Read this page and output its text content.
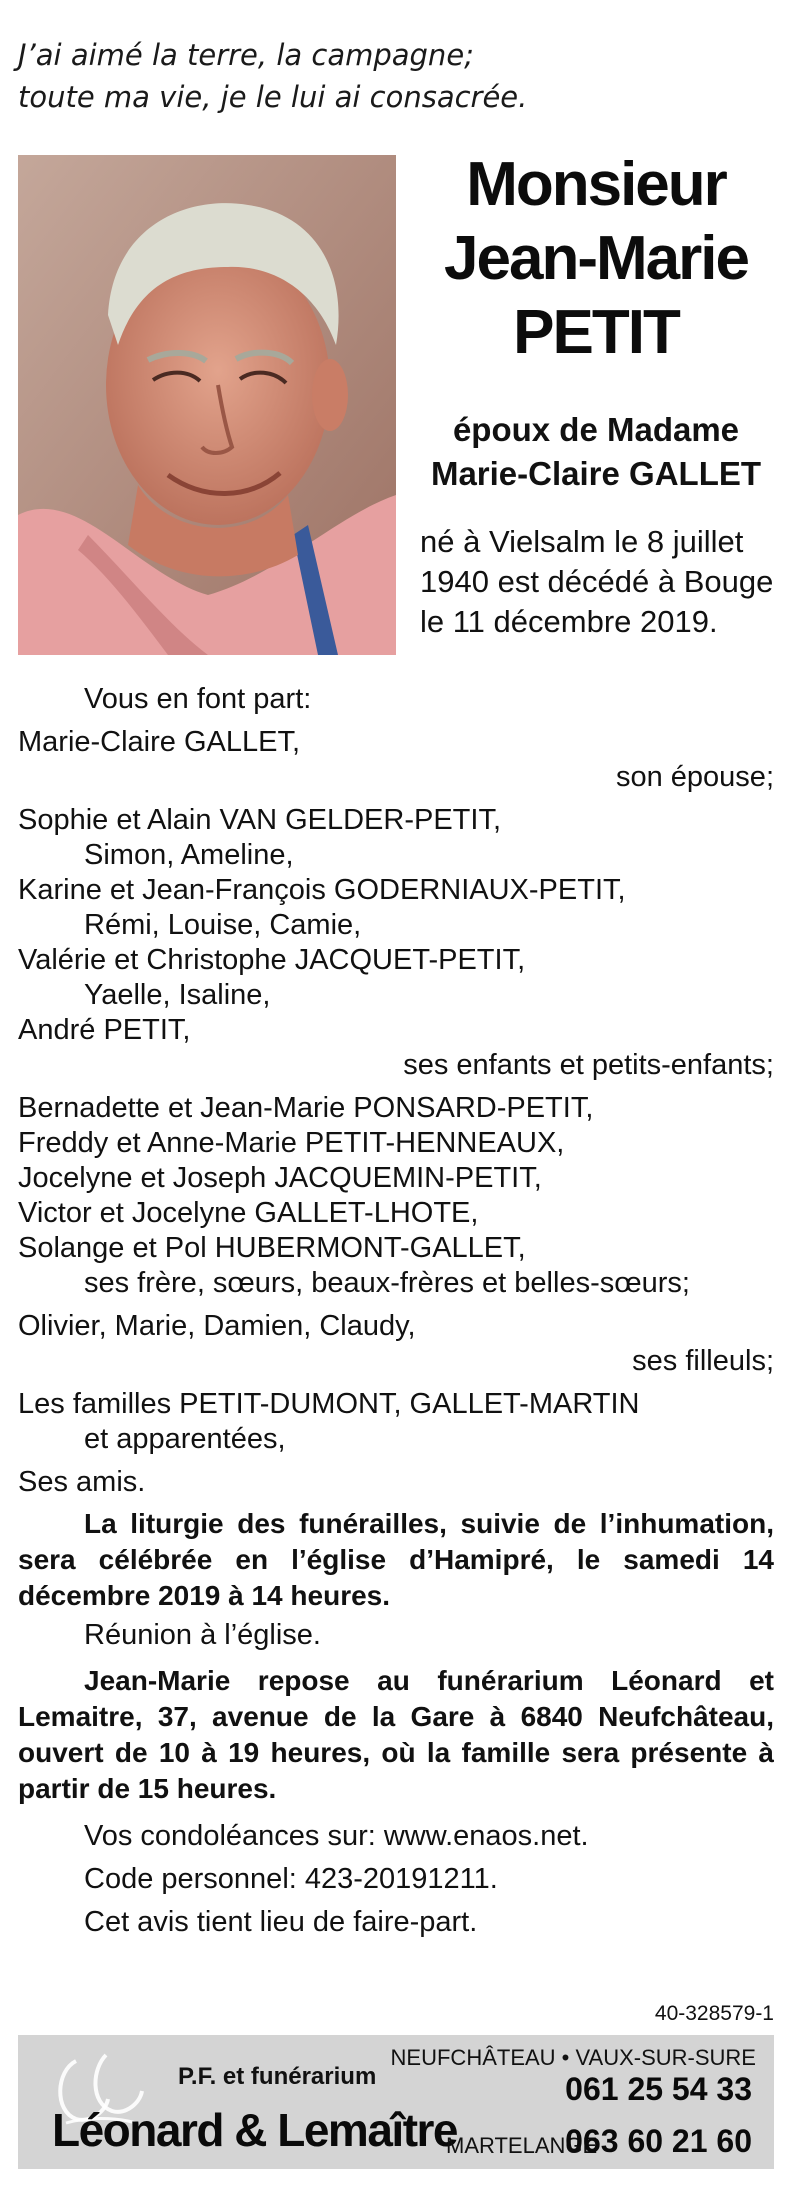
J’ai aimé la terre, la campagne;
toute ma vie, je le lui ai consacrée.
Monsieur
Jean-Marie
PETIT
époux de Madame
Marie-Claire GALLET
né à Vielsalm le 8 juillet
1940 est décédé à Bouge
le 11 décembre 2019.
Vous en font part:
Marie-Claire GALLET,
son épouse;
Sophie et Alain VAN GELDER-PETIT,
Simon, Ameline,
Karine et Jean-François GODERNIAUX-PETIT,
Rémi, Louise, Camie,
Valérie et Christophe JACQUET-PETIT,
Yaelle, Isaline,
André PETIT,
ses enfants et petits-enfants;
Bernadette et Jean-Marie PONSARD-PETIT,
Freddy et Anne-Marie PETIT-HENNEAUX,
Jocelyne et Joseph JACQUEMIN-PETIT,
Victor et Jocelyne GALLET-LHOTE,
Solange et Pol HUBERMONT-GALLET,
ses frère, sœurs, beaux-frères et belles-sœurs;
Olivier, Marie, Damien, Claudy,
ses filleuls;
Les familles PETIT-DUMONT, GALLET-MARTIN
et apparentées,
Ses amis.
La liturgie des funérailles, suivie de l’inhumation, sera célébrée en l’église d’Hamipré, le samedi 14 décembre 2019 à 14 heures.
Réunion à l’église.
Jean-Marie repose au funérarium Léonard et Lemaitre, 37, avenue de la Gare à 6840 Neufchâteau, ouvert de 10 à 19 heures, où la famille sera présente à partir de 15 heures.
Vos condoléances sur: www.enaos.net.
Code personnel: 423-20191211.
Cet avis tient lieu de faire-part.
40-328579-1
P.F. et funérarium
Léonard & Lemaître
NEUFCHÂTEAU • VAUX-SUR-SURE
061 25 54 33
MARTELANGE
063 60 21 60
